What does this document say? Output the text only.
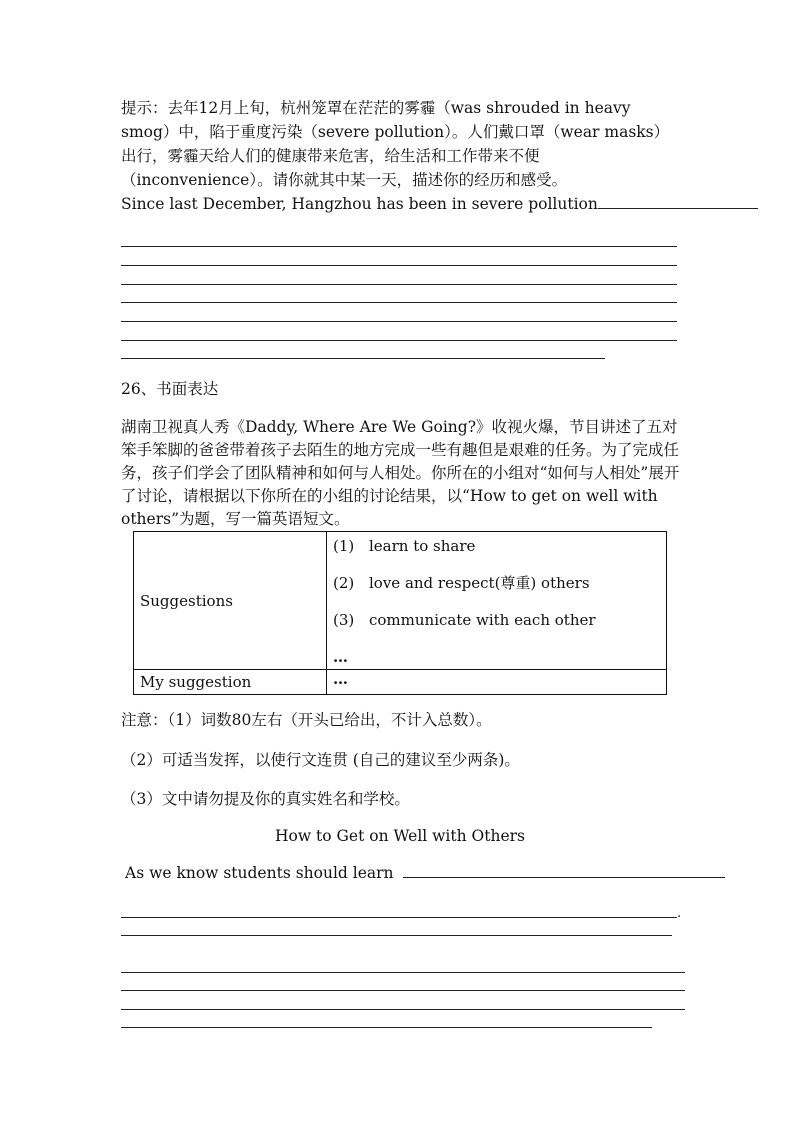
提示：去年12月上旬，杭州笼罩在茫茫的雾霾（was shrouded in heavy smog）中，陷于重度污染（severe pollution）。人们戴口罩（wear masks）出行，雾霾天给人们的健康带来危害，给生活和工作带来不便（inconvenience）。请你就其中某一天，描述你的经历和感受。
Since last December, Hangzhou has been in severe pollution
26、书面表达
湖南卫视真人秀《Daddy, Where Are We Going?》收视火爆，节目讲述了五对笨手笨脚的爸爸带着孩子去陌生的地方完成一些有趣但是艰难的任务。为了完成任务，孩子们学会了团队精神和如何与人相处。你所在的小组对“如何与人相处”展开了讨论，请根据以下你所在的小组的讨论结果，以“How to get on well with others”为题，写一篇英语短文。
Suggestions	(1) learn to share
(2) love and respect(尊重) others
(3) communicate with each other
…

My suggestion	…
注意：（1）词数80左右（开头已给出，不计入总数）。
（2）可适当发挥，以使行文连贯 (自己的建议至少两条)。
（3）文中请勿提及你的真实姓名和学校。
How to Get on Well with Others
As we know students should learn
.
